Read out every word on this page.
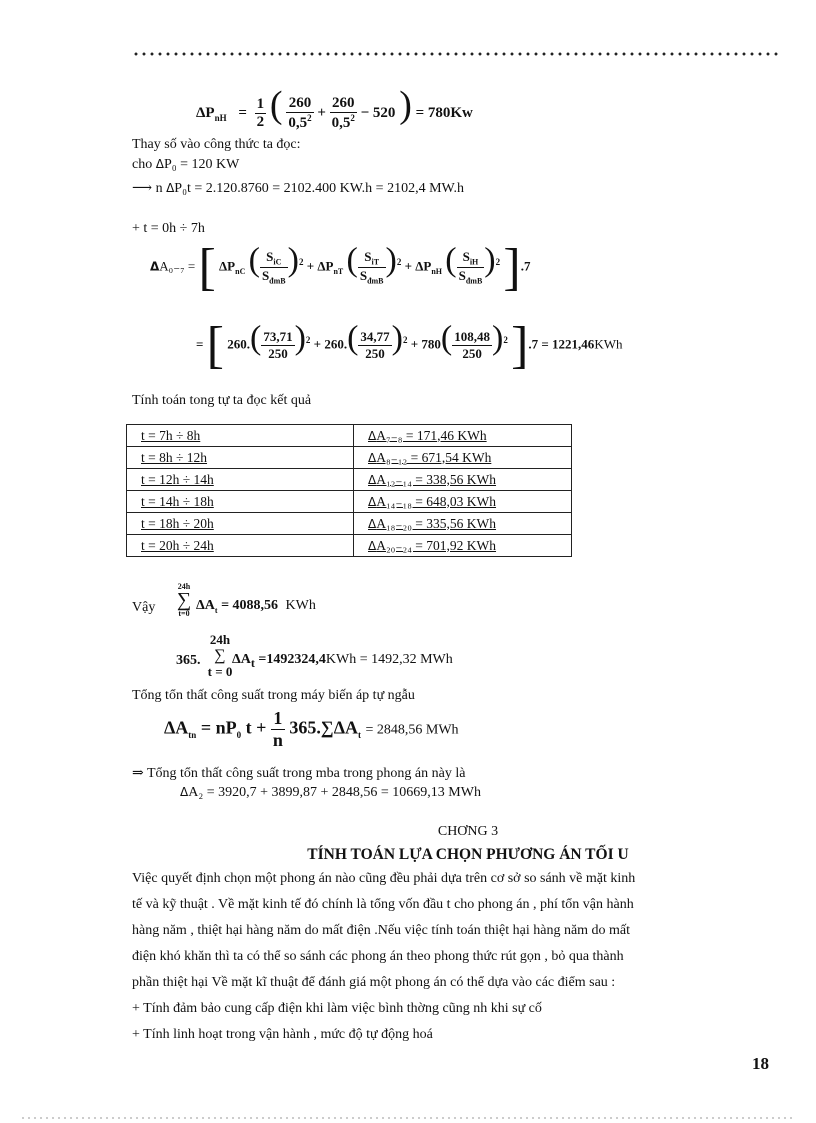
$\Delta P_{nH} = \frac{1}{2}$ ( $\frac{260}{0,5^2} + \frac{260}{0,5^2} - 520$ ) = 780Kw
Thay số vào công thức ta đọc:
cho ΔP₀ = 120 KW
⟶ n ΔP₀t = 2.120.8760 = 2102.400 KW.h = 2102,4 MW.h
+ t = 0h ÷ 7h
ΔA₀₋₇ = [ $\Delta P_{nC}$ ( $\frac{S_{iC}}{S_{đmB}} )^2 + \Delta P_{nT}$ ( $\frac{S_{iT}}{S_{đmB}} )^2 + \Delta P_{nH}$ ( $\frac{S_{iH}}{S_{đmB}} )^2$ ].7
= [ $260.( \frac{73,71}{250} )^2 + 260.( \frac{34,77}{250} )^2 + 780( \frac{108,48}{250} )^2$ ].7 = 1221,46KWh
Tính toán tong tự ta đọc kết quả
t = 7h ÷ 8h	ΔA₇₋₈ = 171,46 KWh
t = 8h ÷ 12h	ΔA₈₋₁₂ = 671,54 KWh
t = 12h ÷ 14h	ΔA₁₂₋₁₄ = 338,56 KWh
t = 14h ÷ 18h	ΔA₁₄₋₁₈ = 648,03 KWh
t = 18h ÷ 20h	ΔA₁₈₋₂₀ = 335,56 KWh
t = 20h ÷ 24h	ΔA₂₀₋₂₄ = 701,92 KWh
Vậy
24h
∑
t=0
$\Delta A_t = 4088,56$ KWh
365.
24h
∑
t = 0
$\Delta A_t =1492324,4KWh = 1492,32$ MWh
Tổng tổn thất công suất trong máy biến áp tự ngẫu
$\Delta A_{tn} = nP_0$ $t + \frac{1}{n} 365.\sum\Delta A_t = 2848,56$ MWh
⇒ Tổng tổn thất công suất trong mba trong phong án này là
ΔA₂ = 3920,7 + 3899,87 + 2848,56 = 10669,13 MWh
CHƠNG 3
TÍNH TOÁN LỰA CHỌN PHƯƠNG ÁN TỐI U
Việc quyết định chọn một phong án nào cũng đều phải dựa trên cơ sở so sánh về mặt kinh
tế và kỹ thuật . Về mặt kinh tế đó chính là tổng vốn đầu t cho phong án , phí tổn vận hành
hàng năm , thiệt hại hàng năm do mất điện .Nếu việc tính toán thiệt hại hàng năm do mất
điện khó khăn thì ta có thể so sánh các phong án theo phong thức rút gọn , bỏ qua thành
phần thiệt hại Về mặt kĩ thuật để đánh giá một phong án có thể dựa vào các điểm sau :
+ Tính đảm bảo cung cấp điện khi làm việc bình thờng cũng nh khi sự cố
+ Tính linh hoạt trong vận hành , mức độ tự động hoá
18
